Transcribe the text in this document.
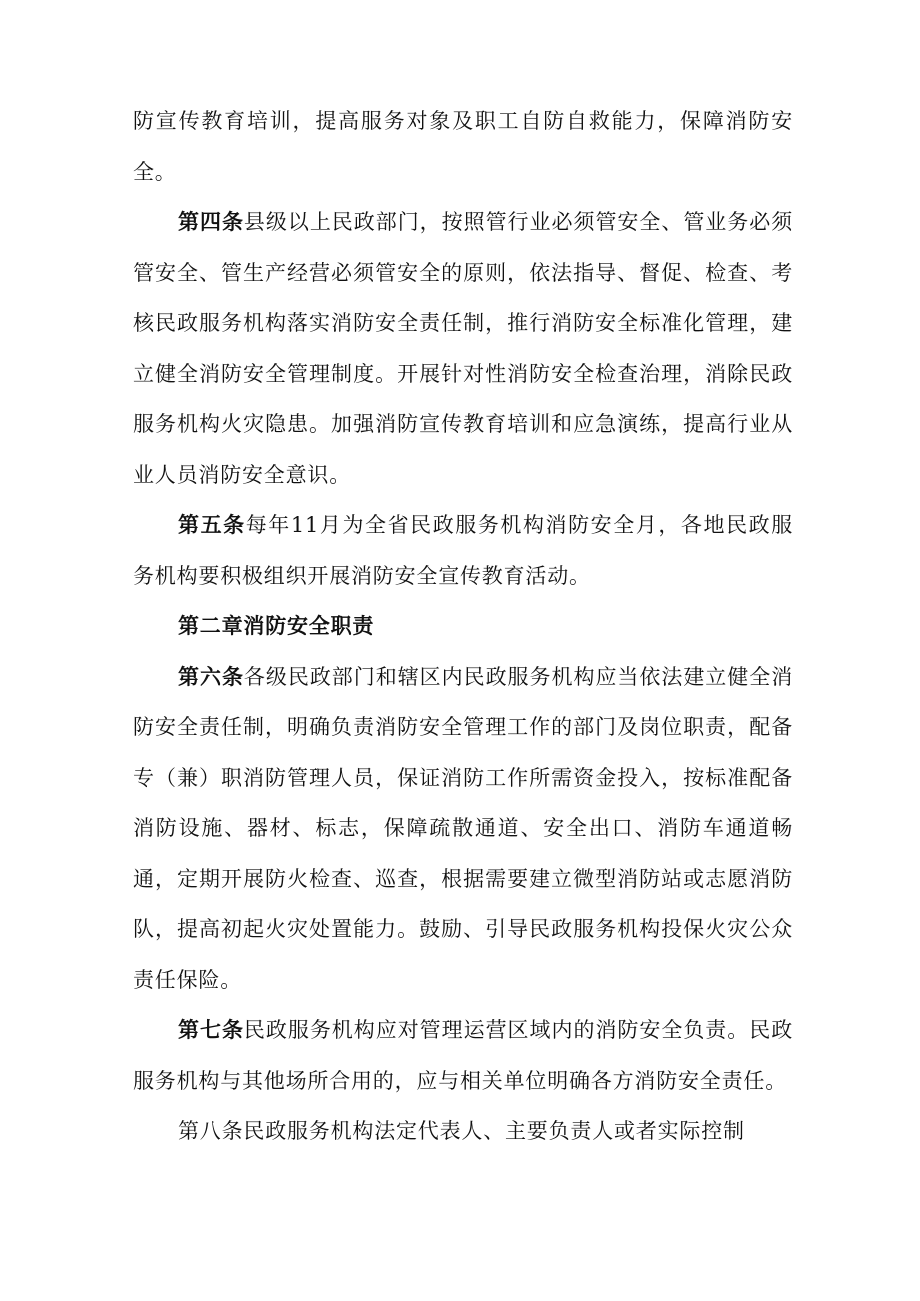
防宣传教育培训，提高服务对象及职工自防自救能力，保障消防安全。

第四条县级以上民政部门，按照管行业必须管安全、管业务必须管安全、管生产经营必须管安全的原则，依法指导、督促、检查、考核民政服务机构落实消防安全责任制，推行消防安全标准化管理，建立健全消防安全管理制度。开展针对性消防安全检查治理，消除民政服务机构火灾隐患。加强消防宣传教育培训和应急演练，提高行业从业人员消防安全意识。

第五条每年11月为全省民政服务机构消防安全月，各地民政服务机构要积极组织开展消防安全宣传教育活动。

第二章消防安全职责

第六条各级民政部门和辖区内民政服务机构应当依法建立健全消防安全责任制，明确负责消防安全管理工作的部门及岗位职责，配备专（兼）职消防管理人员，保证消防工作所需资金投入，按标准配备消防设施、器材、标志，保障疏散通道、安全出口、消防车通道畅通，定期开展防火检查、巡查，根据需要建立微型消防站或志愿消防队，提高初起火灾处置能力。鼓励、引导民政服务机构投保火灾公众责任保险。

第七条民政服务机构应对管理运营区域内的消防安全负责。民政服务机构与其他场所合用的，应与相关单位明确各方消防安全责任。

第八条民政服务机构法定代表人、主要负责人或者实际控制
